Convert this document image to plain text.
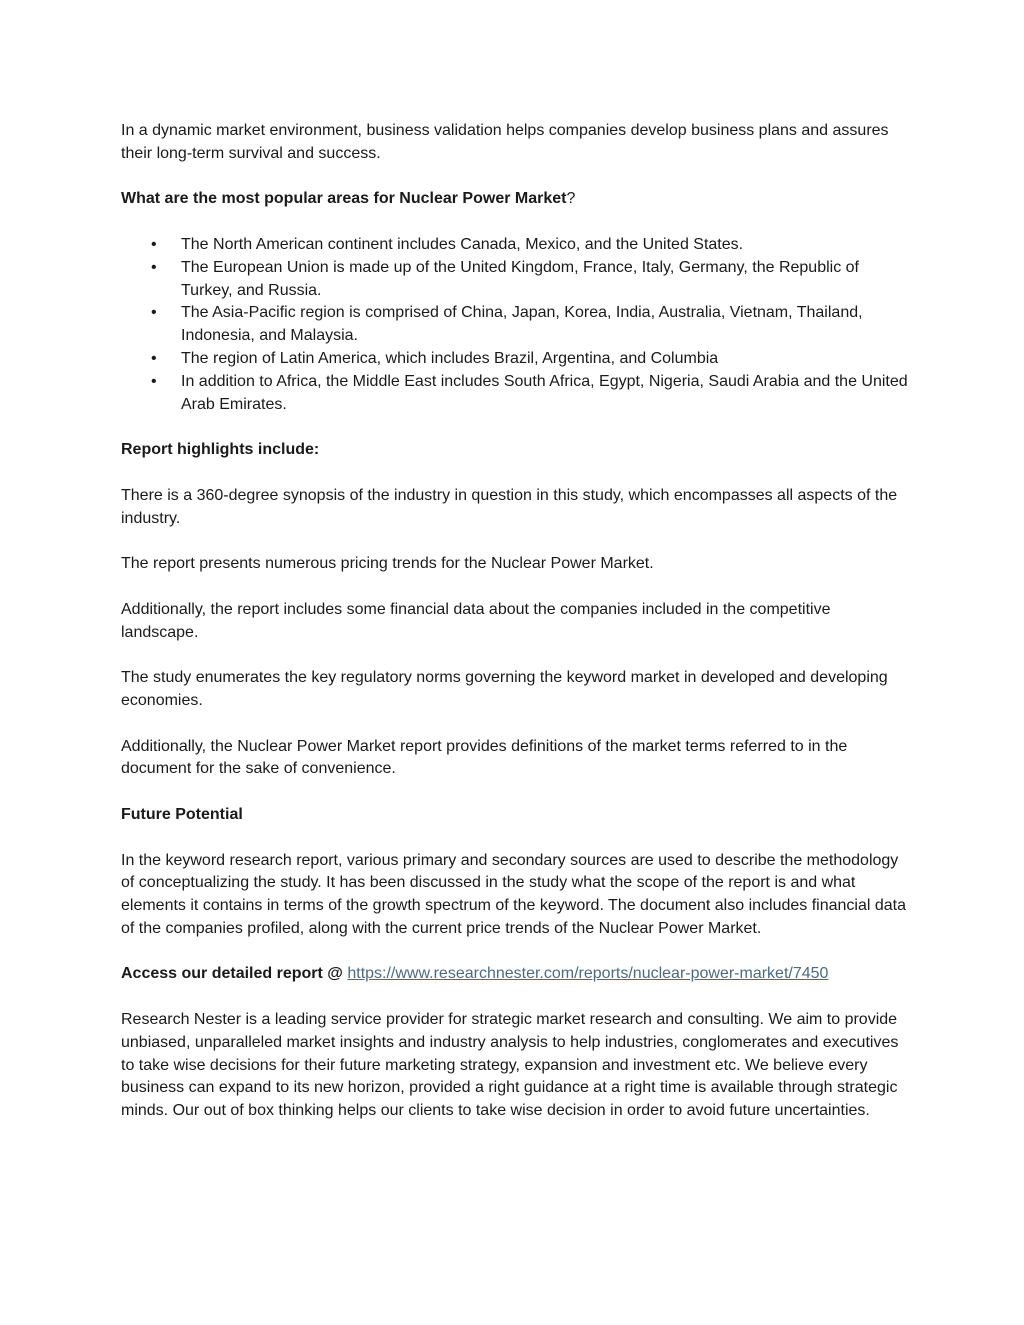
In a dynamic market environment, business validation helps companies develop business plans and assures their long-term survival and success.

What are the most popular areas for Nuclear Power Market?

• The North American continent includes Canada, Mexico, and the United States.
• The European Union is made up of the United Kingdom, France, Italy, Germany, the Republic of Turkey, and Russia.
• The Asia-Pacific region is comprised of China, Japan, Korea, India, Australia, Vietnam, Thailand, Indonesia, and Malaysia.
• The region of Latin America, which includes Brazil, Argentina, and Columbia
• In addition to Africa, the Middle East includes South Africa, Egypt, Nigeria, Saudi Arabia and the United Arab Emirates.

Report highlights include:

There is a 360-degree synopsis of the industry in question in this study, which encompasses all aspects of the industry.

The report presents numerous pricing trends for the Nuclear Power Market.

Additionally, the report includes some financial data about the companies included in the competitive landscape.

The study enumerates the key regulatory norms governing the keyword market in developed and developing economies.

Additionally, the Nuclear Power Market report provides definitions of the market terms referred to in the document for the sake of convenience.

Future Potential

In the keyword research report, various primary and secondary sources are used to describe the methodology of conceptualizing the study. It has been discussed in the study what the scope of the report is and what elements it contains in terms of the growth spectrum of the keyword. The document also includes financial data of the companies profiled, along with the current price trends of the Nuclear Power Market.

Access our detailed report @ https://www.researchnester.com/reports/nuclear-power-market/7450

Research Nester is a leading service provider for strategic market research and consulting. We aim to provide unbiased, unparalleled market insights and industry analysis to help industries, conglomerates and executives to take wise decisions for their future marketing strategy, expansion and investment etc. We believe every business can expand to its new horizon, provided a right guidance at a right time is available through strategic minds. Our out of box thinking helps our clients to take wise decision in order to avoid future uncertainties.
